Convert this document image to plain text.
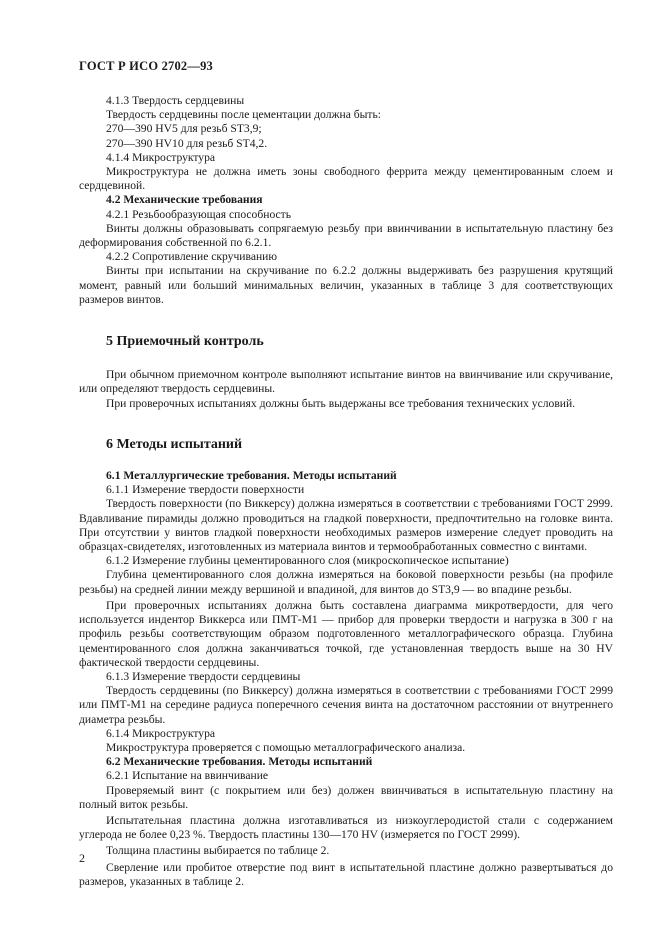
ГОСТ Р ИСО 2702—93

4.1.3 Твердость сердцевины

Твердость сердцевины после цементации должна быть:

270—390 HV5 для резьб ST3,9;

270—390 HV10 для резьб ST4,2.

4.1.4 Микроструктура

Микроструктура не должна иметь зоны свободного феррита между цементированным слоем и сердцевиной.

4.2 Механические требования

4.2.1 Резьбообразующая способность

Винты должны образовывать сопрягаемую резьбу при ввинчивании в испытательную пластину без деформирования собственной по 6.2.1.

4.2.2 Сопротивление скручиванию

Винты при испытании на скручивание по 6.2.2 должны выдерживать без разрушения крутящий момент, равный или больший минимальных величин, указанных в таблице 3 для соответствующих размеров винтов.

5 Приемочный контроль

При обычном приемочном контроле выполняют испытание винтов на ввинчивание или скручивание, или определяют твердость сердцевины.

При проверочных испытаниях должны быть выдержаны все требования технических условий.

6 Методы испытаний

6.1 Металлургические требования. Методы испытаний

6.1.1 Измерение твердости поверхности

Твердость поверхности (по Виккерсу) должна измеряться в соответствии с требованиями ГОСТ 2999. Вдавливание пирамиды должно проводиться на гладкой поверхности, предпочтительно на головке винта. При отсутствии у винтов гладкой поверхности необходимых размеров измерение следует проводить на образцах-свидетелях, изготовленных из материала винтов и термообработанных совместно с винтами.

6.1.2 Измерение глубины цементированного слоя (микроскопическое испытание)

Глубина цементированного слоя должна измеряться на боковой поверхности резьбы (на профиле резьбы) на средней линии между вершиной и впадиной, для винтов до ST3,9 — во впадине резьбы.

При проверочных испытаниях должна быть составлена диаграмма микротвердости, для чего используется индентор Виккерса или ПМТ-М1 — прибор для проверки твердости и нагрузка в 300 г на профиль резьбы соответствующим образом подготовленного металлографического образца. Глубина цементированного слоя должна заканчиваться точкой, где установленная твердость выше на 30 HV фактической твердости сердцевины.

6.1.3 Измерение твердости сердцевины

Твердость сердцевины (по Виккерсу) должна измеряться в соответствии с требованиями ГОСТ 2999 или ПМТ-М1 на середине радиуса поперечного сечения винта на достаточном расстоянии от внутреннего диаметра резьбы.

6.1.4 Микроструктура

Микроструктура проверяется с помощью металлографического анализа.

6.2 Механические требования. Методы испытаний

6.2.1 Испытание на ввинчивание

Проверяемый винт (с покрытием или без) должен ввинчиваться в испытательную пластину на полный виток резьбы.

Испытательная пластина должна изготавливаться из низкоуглеродистой стали с содержанием углерода не более 0,23 %. Твердость пластины 130—170 HV (измеряется по ГОСТ 2999).

Толщина пластины выбирается по таблице 2.

Сверление или пробитое отверстие под винт в испытательной пластине должно развертываться до размеров, указанных в таблице 2.

2
